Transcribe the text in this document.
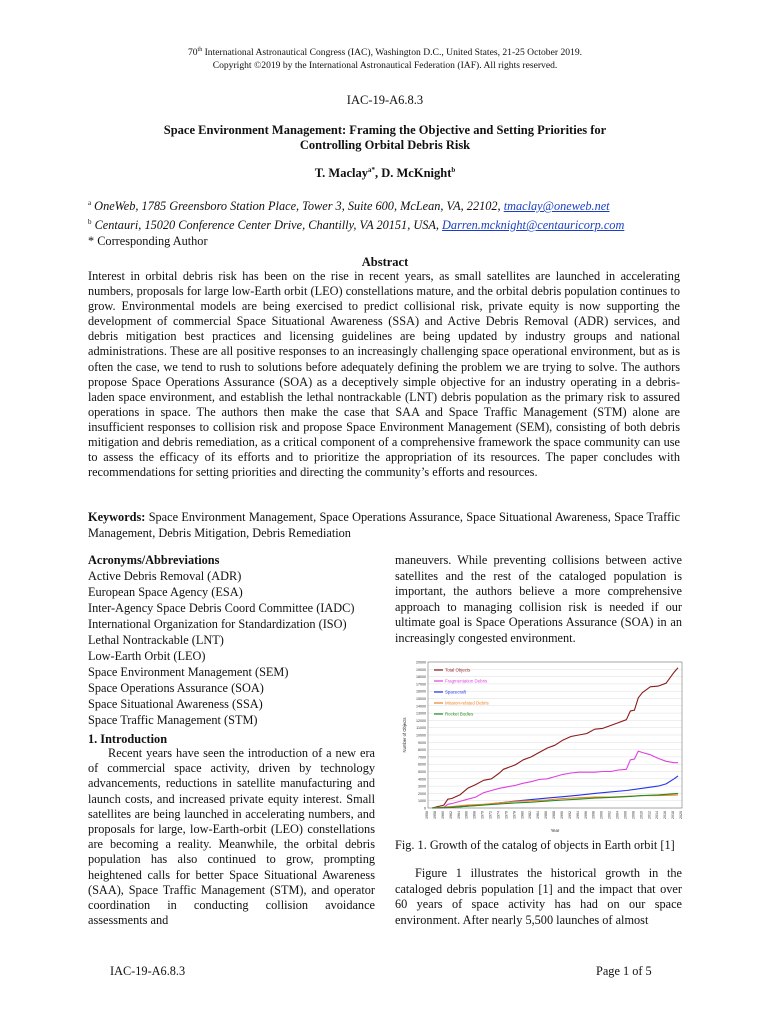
70th International Astronautical Congress (IAC), Washington D.C., United States, 21-25 October 2019.
Copyright ©2019 by the International Astronautical Federation (IAF). All rights reserved.
IAC-19-A6.8.3
Space Environment Management: Framing the Objective and Setting Priorities for
Controlling Orbital Debris Risk
T. Maclay$^{a*}$, D. McKnight$^b$
$^a$ OneWeb, 1785 Greensboro Station Place, Tower 3, Suite 600, McLean, VA, 22102, tmaclay@oneweb.net
$^b$ Centauri, 15020 Conference Center Drive, Chantilly, VA 20151, USA, Darren.mcknight@centauricorp.com
* Corresponding Author
Abstract
Interest in orbital debris risk has been on the rise in recent years, as small satellites are launched in accelerating numbers, proposals for large low-Earth orbit (LEO) constellations mature, and the orbital debris population continues to grow. Environmental models are being exercised to predict collisional risk, private equity is now supporting the development of commercial Space Situational Awareness (SSA) and Active Debris Removal (ADR) services, and debris mitigation best practices and licensing guidelines are being updated by industry groups and national administrations. These are all positive responses to an increasingly challenging space operational environment, but as is often the case, we tend to rush to solutions before adequately defining the problem we are trying to solve. The authors propose Space Operations Assurance (SOA) as a deceptively simple objective for an industry operating in a debris-laden space environment, and establish the lethal nontrackable (LNT) debris population as the primary risk to assured operations in space. The authors then make the case that SAA and Space Traffic Management (STM) alone are insufficient responses to collision risk and propose Space Environment Management (SEM), consisting of both debris mitigation and debris remediation, as a critical component of a comprehensive framework the space community can use to assess the efficacy of its efforts and to prioritize the appropriation of its resources. The paper concludes with recommendations for setting priorities and directing the community’s efforts and resources.
Keywords: Space Environment Management, Space Operations Assurance, Space Situational Awareness, Space Traffic Management, Debris Mitigation, Debris Remediation
Acronyms/Abbreviations
Active Debris Removal (ADR)
European Space Agency (ESA)
Inter-Agency Space Debris Coord Committee (IADC)
International Organization for Standardization (ISO)
Lethal Nontrackable (LNT)
Low-Earth Orbit (LEO)
Space Environment Management (SEM)
Space Operations Assurance (SOA)
Space Situational Awareness (SSA)
Space Traffic Management (STM)
1. Introduction
Recent years have seen the introduction of a new era of commercial space activity, driven by technology advancements, reductions in satellite manufacturing and launch costs, and increased private equity interest. Small satellites are being launched in accelerating numbers, and proposals for large, low-Earth-orbit (LEO) constellations are becoming a reality. Meanwhile, the orbital debris population has also continued to grow, prompting heightened calls for better Space Situational Awareness (SAA), Space Traffic Management (STM), and operator coordination in conducting collision avoidance assessments and
maneuvers. While preventing collisions between active satellites and the rest of the cataloged population is important, the authors believe a more comprehensive approach to managing collision risk is needed if our ultimate goal is Space Operations Assurance (SOA) in an increasingly congested environment.
0
1000
2000
3000
4000
5000
6000
7000
8000
9000
10000
11000
12000
13000
14000
15000
16000
17000
18000
19000
20000
1956 1958 1960 1962 1964 1966 1968 1970 1972 1974 1976 1978 1980 1982 1984 1986 1988 1990 1992 1994 1996 1998 2000 2002 2004 2006 2008 2010 2012 2014 2016 2018 2020
Year
Number of Objects
Total Objects
Fragmentation Debris
Spacecraft
Mission-related Debris
Rocket Bodies
Fig. 1. Growth of the catalog of objects in Earth orbit [1]
Figure 1 illustrates the historical growth in the cataloged debris population [1] and the impact that over 60 years of space activity has had on our space environment. After nearly 5,500 launches of almost
IAC-19-A6.8.3	Page 1 of 5
